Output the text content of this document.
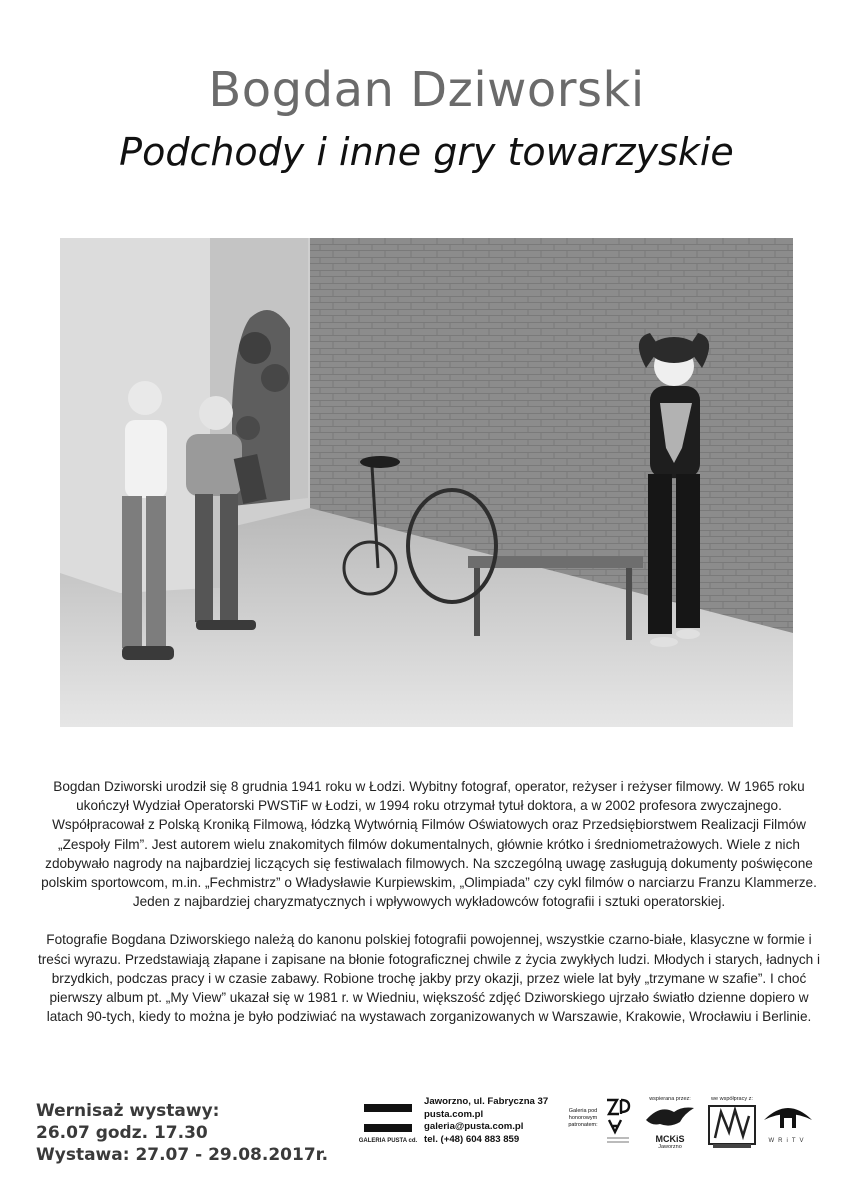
Bogdan Dziworski
Podchody i inne gry towarzyskie

Bogdan Dziworski urodził się 8 grudnia 1941 roku w Łodzi. Wybitny fotograf, operator, reżyser i reżyser filmowy. W 1965 roku ukończył Wydział Operatorski PWSTiF w Łodzi, w 1994 roku otrzymał tytuł doktora, a w 2002 profesora zwyczajnego. Współpracował z Polską Kroniką Filmową, łódzką Wytwórnią Filmów Oświatowych oraz Przedsiębiorstwem Realizacji Filmów „Zespoły Film”. Jest autorem wielu znakomitych filmów dokumentalnych, głównie krótko i średniometrażowych. Wiele z nich zdobywało nagrody na najbardziej liczących się festiwalach filmowych. Na szczególną uwagę zasługują dokumenty poświęcone polskim sportowcom, m.in. „Fechmistrz” o Władysławie Kurpiewskim, „Olimpiada” czy cykl filmów o narciarzu Franzu Klammerze. Jeden z najbardziej charyzmatycznych i wpływowych wykładowców fotografii i sztuki operatorskiej.

Fotografie Bogdana Dziworskiego należą do kanonu polskiej fotografii powojennej, wszystkie czarno-białe, klasyczne w formie i treści wyrazu. Przedstawiają złapane i zapisane na błonie fotograficznej chwile z życia zwykłych ludzi. Młodych i starych, ładnych i brzydkich, podczas pracy i w czasie zabawy. Robione trochę jakby przy okazji, przez wiele lat były „trzymane w szafie”. I choć pierwszy album pt. „My View” ukazał się w 1981 r. w Wiedniu, większość zdjęć Dziworskiego ujrzało światło dzienne dopiero w latach 90-tych, kiedy to można je było podziwiać na wystawach zorganizowanych w Warszawie, Krakowie, Wrocławiu i Berlinie.

Wernisaż wystawy:
26.07 godz. 17.30
Wystawa: 27.07 - 29.08.2017r.
GALERIA PUSTA cd.
Jaworzno, ul. Fabryczna 37
pusta.com.pl
galeria@pusta.com.pl
tel. (+48) 604 883 859
Galeria pod honorowym patronatem:
wspierana przez:
MCKiS
Jaworzno
we współpracy z:
WRiTV
